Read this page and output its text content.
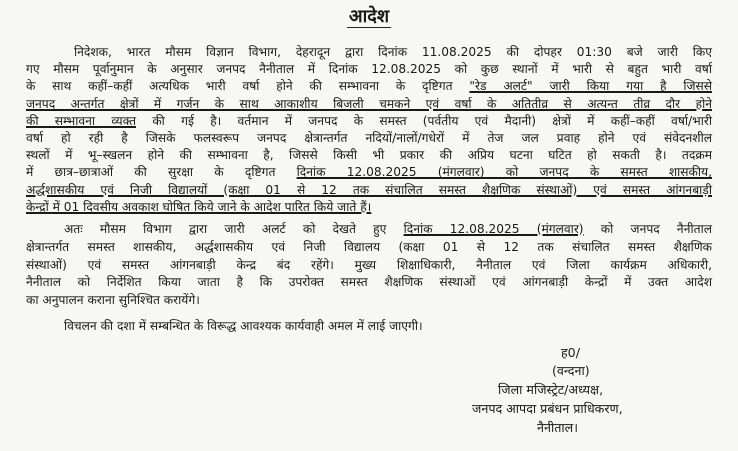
आदेश
निदेशक, भारत मौसम विज्ञान विभाग, देहरादून द्वारा दिनांक 11.08.2025 की दोपहर 01:30 बजे जारी किए
गए मौसम पूर्वानुमान के अनुसार जनपद नैनीताल में दिनांक 12.08.2025 को कुछ स्थानों में भारी से बहुत भारी वर्षा
के साथ कहीं–कहीं अत्यधिक भारी वर्षा होने की सम्भावना के दृष्टिगत "रेड अलर्ट" जारी किया गया है जिससे
जनपद अन्तर्गत क्षेत्रों में गर्जन के साथ आकाशीय बिजली चमकने एवं वर्षा के अतितीव्र से अत्यन्त तीव्र दौर होने
की सम्भावना व्यक्त की गई है। वर्तमान में जनपद के समस्त (पर्वतीय एवं मैदानी) क्षेत्रों में कहीं–कहीं वर्षा/भारी
वर्षा हो रही है जिसके फलस्वरूप जनपद क्षेत्रान्तर्गत नदियों/नालों/गधेरों में तेज जल प्रवाह होने एवं संवेदनशील
स्थलों में भू–स्खलन होने की सम्भावना है, जिससे किसी भी प्रकार की अप्रिय घटना घटित हो सकती है। तदक्रम
में छात्र–छात्राओं की सुरक्षा के दृष्टिगत दिनांक 12.08.2025 (मंगलवार) को जनपद के समस्त शासकीय,
अर्द्धशासकीय एवं निजी विद्यालयों (कक्षा 01 से 12 तक संचालित समस्त शैक्षणिक संस्थाओं) एवं समस्त आंगनबाड़ी
केन्द्रों में 01 दिवसीय अवकाश घोषित किये जाने के आदेश पारित किये जाते हैं।
अतः मौसम विभाग द्वारा जारी अलर्ट को देखते हुए दिनांक 12.08.2025 (मंगलवार) को जनपद नैनीताल
क्षेत्रान्तर्गत समस्त शासकीय, अर्द्धशासकीय एवं निजी विद्यालय (कक्षा 01 से 12 तक संचालित समस्त शैक्षणिक
संस्थाओं) एवं समस्त आंगनबाड़ी केन्द्र बंद रहेंगे। मुख्य शिक्षाधिकारी, नैनीताल एवं जिला कार्यक्रम अधिकारी,
नैनीताल को निर्देशित किया जाता है कि उपरोक्त समस्त शैक्षणिक संस्थाओं एवं आंगनबाड़ी केन्द्रों में उक्त आदेश
का अनुपालन कराना सुनिश्चित करायेंगे।
विचलन की दशा में सम्बन्धित के विरूद्ध आवश्यक कार्यवाही अमल में लाई जाएगी।
ह0/
(वन्दना)
जिला मजिस्ट्रेट/अध्यक्ष,
जनपद आपदा प्रबंधन प्राधिकरण,
नैनीताल।
